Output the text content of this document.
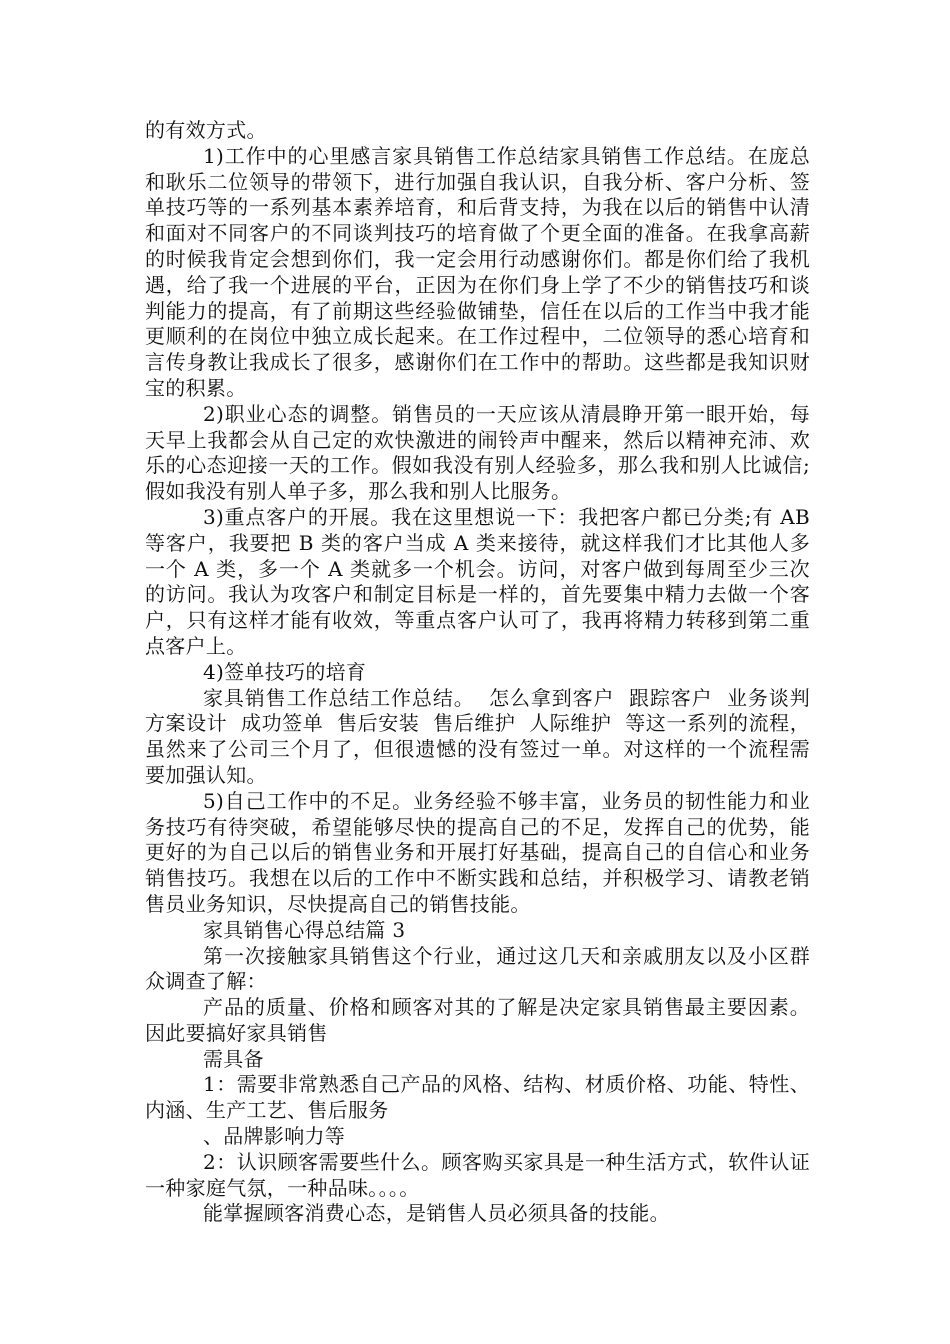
的有效方式。

1)工作中的心里感言家具销售工作总结家具销售工作总结。在庞总和耿乐二位领导的带领下，进行加强自我认识，自我分析、客户分析、签单技巧等的一系列基本素养培育，和后背支持，为我在以后的销售中认清和面对不同客户的不同谈判技巧的培育做了个更全面的准备。在我拿高薪的时候我肯定会想到你们，我一定会用行动感谢你们。都是你们给了我机遇，给了我一个进展的平台，正因为在你们身上学了不少的销售技巧和谈判能力的提高，有了前期这些经验做铺垫，信任在以后的工作当中我才能更顺利的在岗位中独立成长起来。在工作过程中，二位领导的悉心培育和言传身教让我成长了很多，感谢你们在工作中的帮助。这些都是我知识财宝的积累。

2)职业心态的调整。销售员的一天应该从清晨睁开第一眼开始，每天早上我都会从自己定的欢快激进的闹铃声中醒来，然后以精神充沛、欢乐的心态迎接一天的工作。假如我没有别人经验多，那么我和别人比诚信;假如我没有别人单子多，那么我和别人比服务。

3)重点客户的开展。我在这里想说一下：我把客户都已分类;有 AB 等客户，我要把 B 类的客户当成 A 类来接待，就这样我们才比其他人多一个 A 类，多一个 A 类就多一个机会。访问，对客户做到每周至少三次的访问。我认为攻客户和制定目标是一样的，首先要集中精力去做一个客户，只有这样才能有收效，等重点客户认可了，我再将精力转移到第二重点客户上。

4)签单技巧的培育

家具销售工作总结工作总结。  怎么拿到客户  跟踪客户  业务谈判  方案设计  成功签单  售后安装  售后维护  人际维护  等这一系列的流程，虽然来了公司三个月了，但很遗憾的没有签过一单。对这样的一个流程需要加强认知。

5)自己工作中的不足。业务经验不够丰富，业务员的韧性能力和业务技巧有待突破，希望能够尽快的提高自己的不足，发挥自己的优势，能更好的为自己以后的销售业务和开展打好基础，提高自己的自信心和业务销售技巧。我想在以后的工作中不断实践和总结，并积极学习、请教老销售员业务知识，尽快提高自己的销售技能。

家具销售心得总结篇 3

第一次接触家具销售这个行业，通过这几天和亲戚朋友以及小区群众调查了解：

产品的质量、价格和顾客对其的了解是决定家具销售最主要因素。因此要搞好家具销售

需具备

1：需要非常熟悉自己产品的风格、结构、材质价格、功能、特性、内涵、生产工艺、售后服务

、品牌影响力等

2：认识顾客需要些什么。顾客购买家具是一种生活方式，软件认证一种家庭气氛，一种品味。。。。

能掌握顾客消费心态，是销售人员必须具备的技能。
